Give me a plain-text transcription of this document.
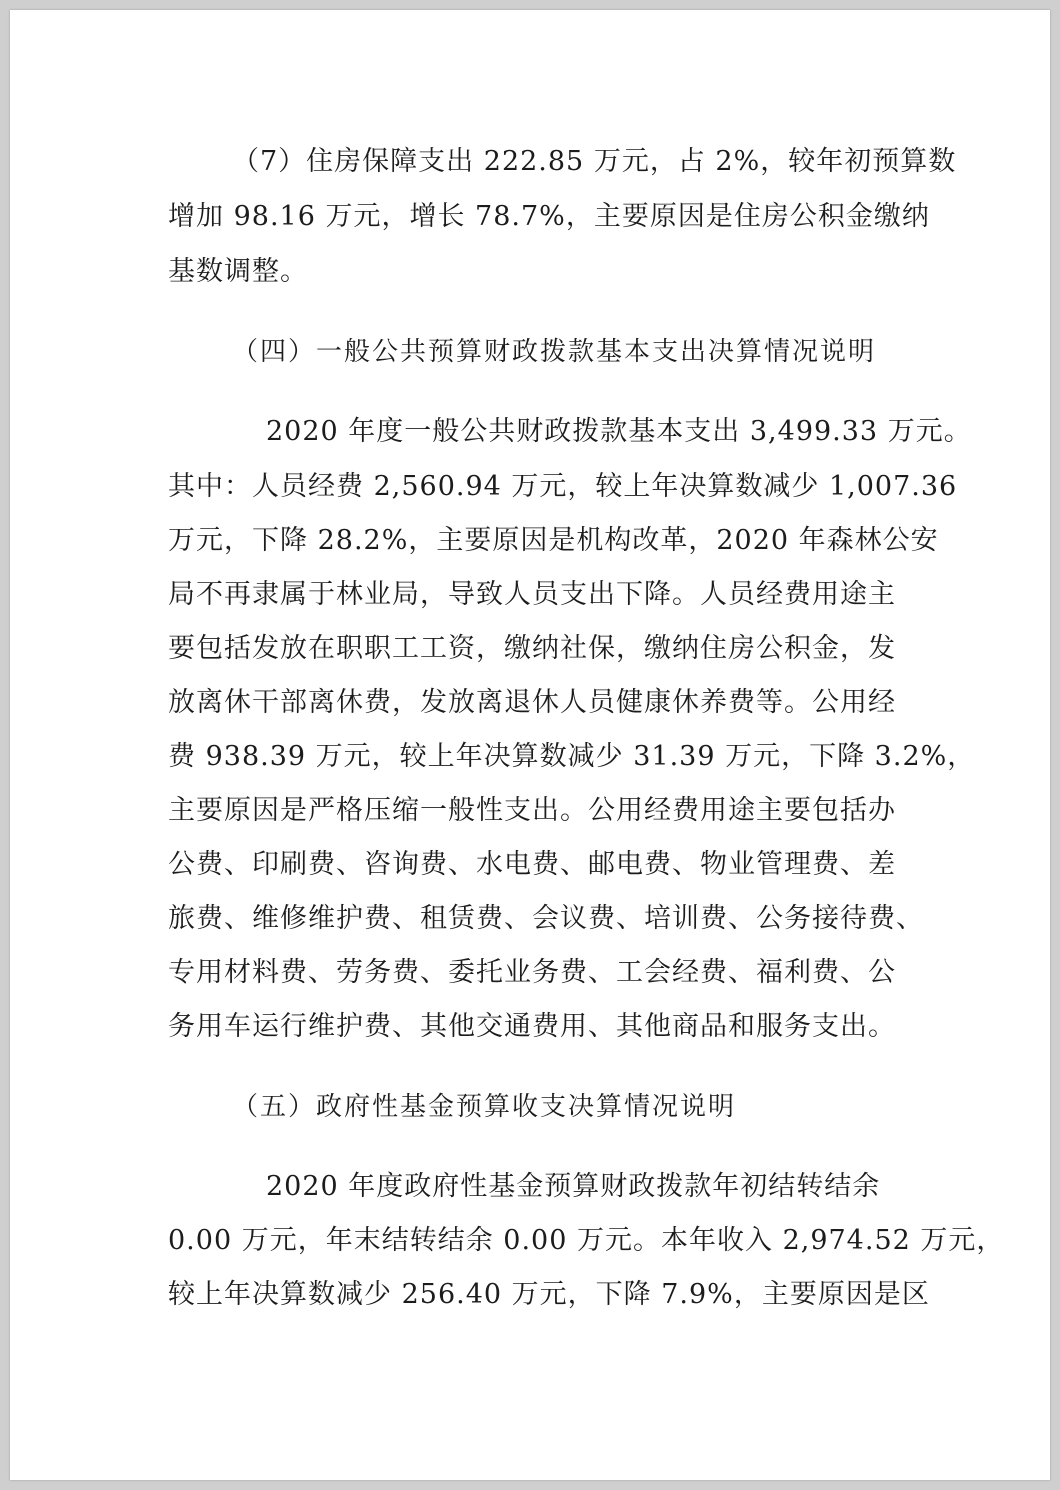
（7）住房保障支出 222.85 万元，占 2%，较年初预算数

增加 98.16 万元，增长 78.7%，主要原因是住房公积金缴纳

基数调整。

（四）一般公共预算财政拨款基本支出决算情况说明

2020 年度一般公共财政拨款基本支出 3,499.33 万元。

其中：人员经费 2,560.94 万元，较上年决算数减少 1,007.36

万元，下降 28.2%，主要原因是机构改革，2020 年森林公安

局不再隶属于林业局，导致人员支出下降。人员经费用途主

要包括发放在职职工工资，缴纳社保，缴纳住房公积金，发

放离休干部离休费，发放离退休人员健康休养费等。公用经

费 938.39 万元，较上年决算数减少 31.39 万元，下降 3.2%，

主要原因是严格压缩一般性支出。公用经费用途主要包括办

公费、印刷费、咨询费、水电费、邮电费、物业管理费、差

旅费、维修维护费、租赁费、会议费、培训费、公务接待费、

专用材料费、劳务费、委托业务费、工会经费、福利费、公

务用车运行维护费、其他交通费用、其他商品和服务支出。

（五）政府性基金预算收支决算情况说明

2020 年度政府性基金预算财政拨款年初结转结余

0.00 万元，年末结转结余 0.00 万元。本年收入 2,974.52 万元，

较上年决算数减少 256.40 万元，下降 7.9%，主要原因是区
